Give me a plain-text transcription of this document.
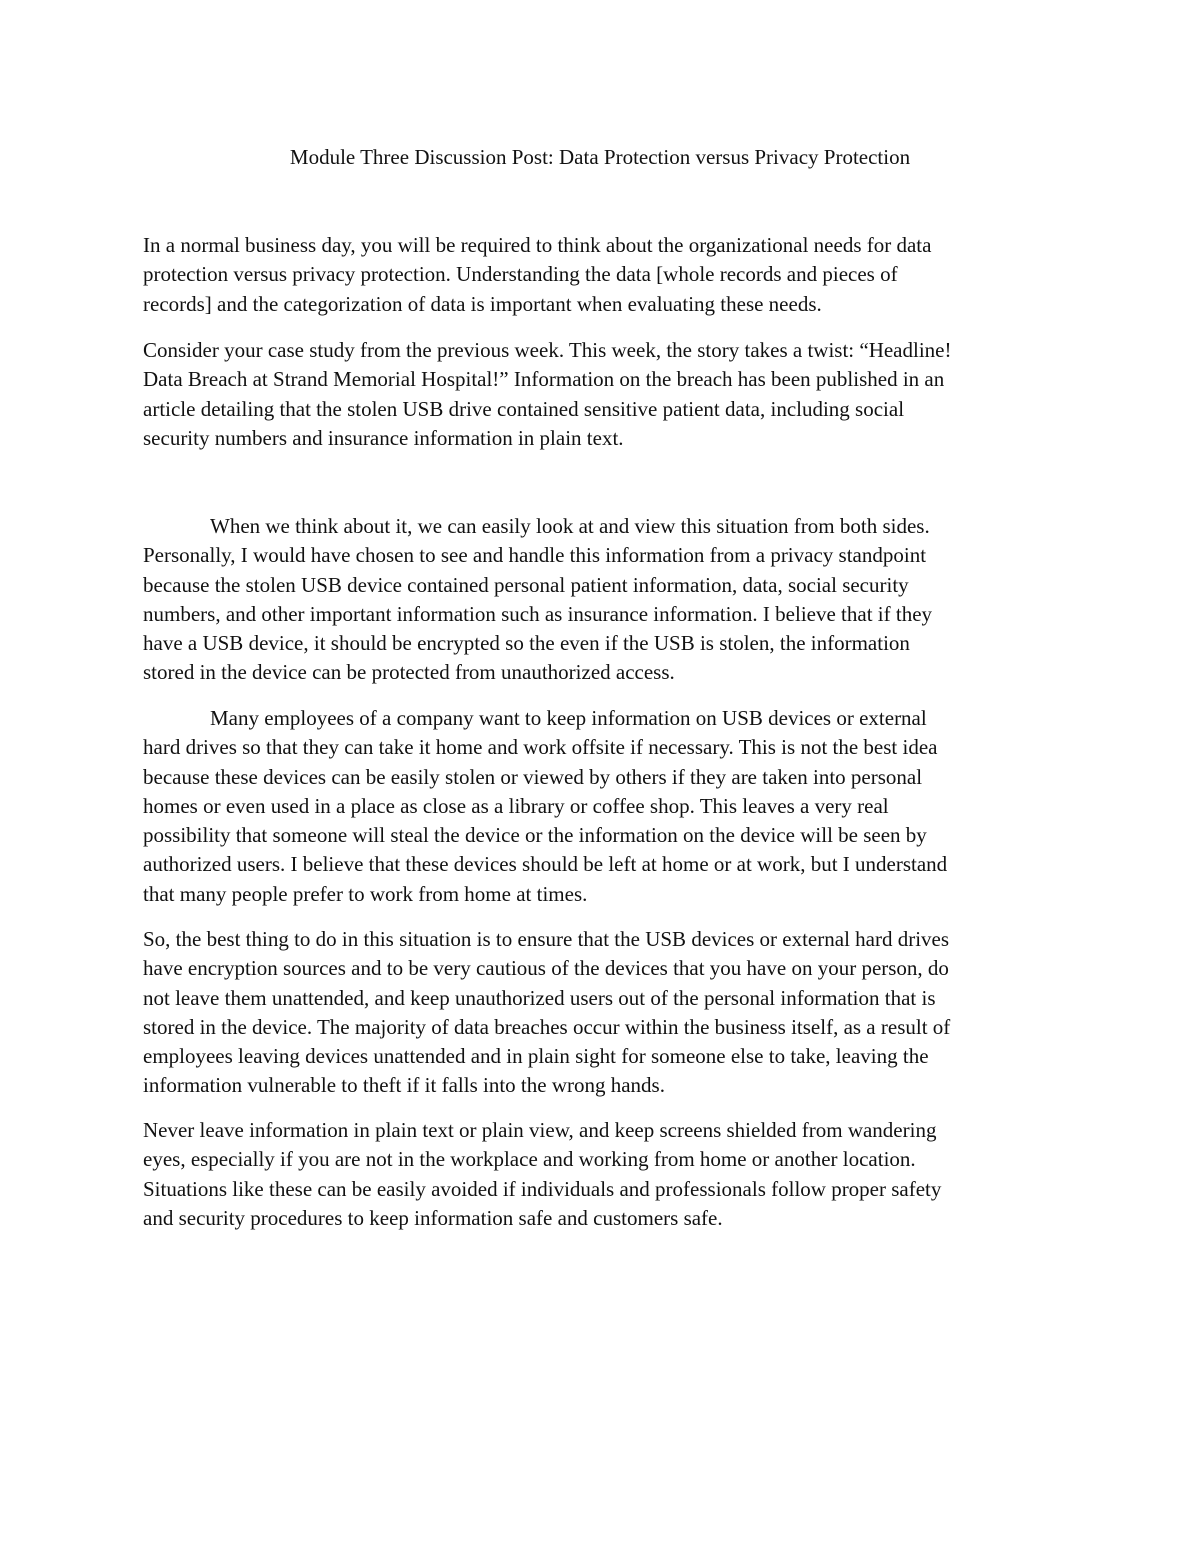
Module Three Discussion Post: Data Protection versus Privacy Protection

In a normal business day, you will be required to think about the organizational needs for data
protection versus privacy protection. Understanding the data [whole records and pieces of
records] and the categorization of data is important when evaluating these needs.

Consider your case study from the previous week. This week, the story takes a twist: “Headline!
Data Breach at Strand Memorial Hospital!” Information on the breach has been published in an
article detailing that the stolen USB drive contained sensitive patient data, including social
security numbers and insurance information in plain text.

When we think about it, we can easily look at and view this situation from both sides.
Personally, I would have chosen to see and handle this information from a privacy standpoint
because the stolen USB device contained personal patient information, data, social security
numbers, and other important information such as insurance information. I believe that if they
have a USB device, it should be encrypted so the even if the USB is stolen, the information
stored in the device can be protected from unauthorized access.

Many employees of a company want to keep information on USB devices or external
hard drives so that they can take it home and work offsite if necessary. This is not the best idea
because these devices can be easily stolen or viewed by others if they are taken into personal
homes or even used in a place as close as a library or coffee shop. This leaves a very real
possibility that someone will steal the device or the information on the device will be seen by
authorized users. I believe that these devices should be left at home or at work, but I understand
that many people prefer to work from home at times.

So, the best thing to do in this situation is to ensure that the USB devices or external hard drives
have encryption sources and to be very cautious of the devices that you have on your person, do
not leave them unattended, and keep unauthorized users out of the personal information that is
stored in the device. The majority of data breaches occur within the business itself, as a result of
employees leaving devices unattended and in plain sight for someone else to take, leaving the
information vulnerable to theft if it falls into the wrong hands.

Never leave information in plain text or plain view, and keep screens shielded from wandering
eyes, especially if you are not in the workplace and working from home or another location.
Situations like these can be easily avoided if individuals and professionals follow proper safety
and security procedures to keep information safe and customers safe.
